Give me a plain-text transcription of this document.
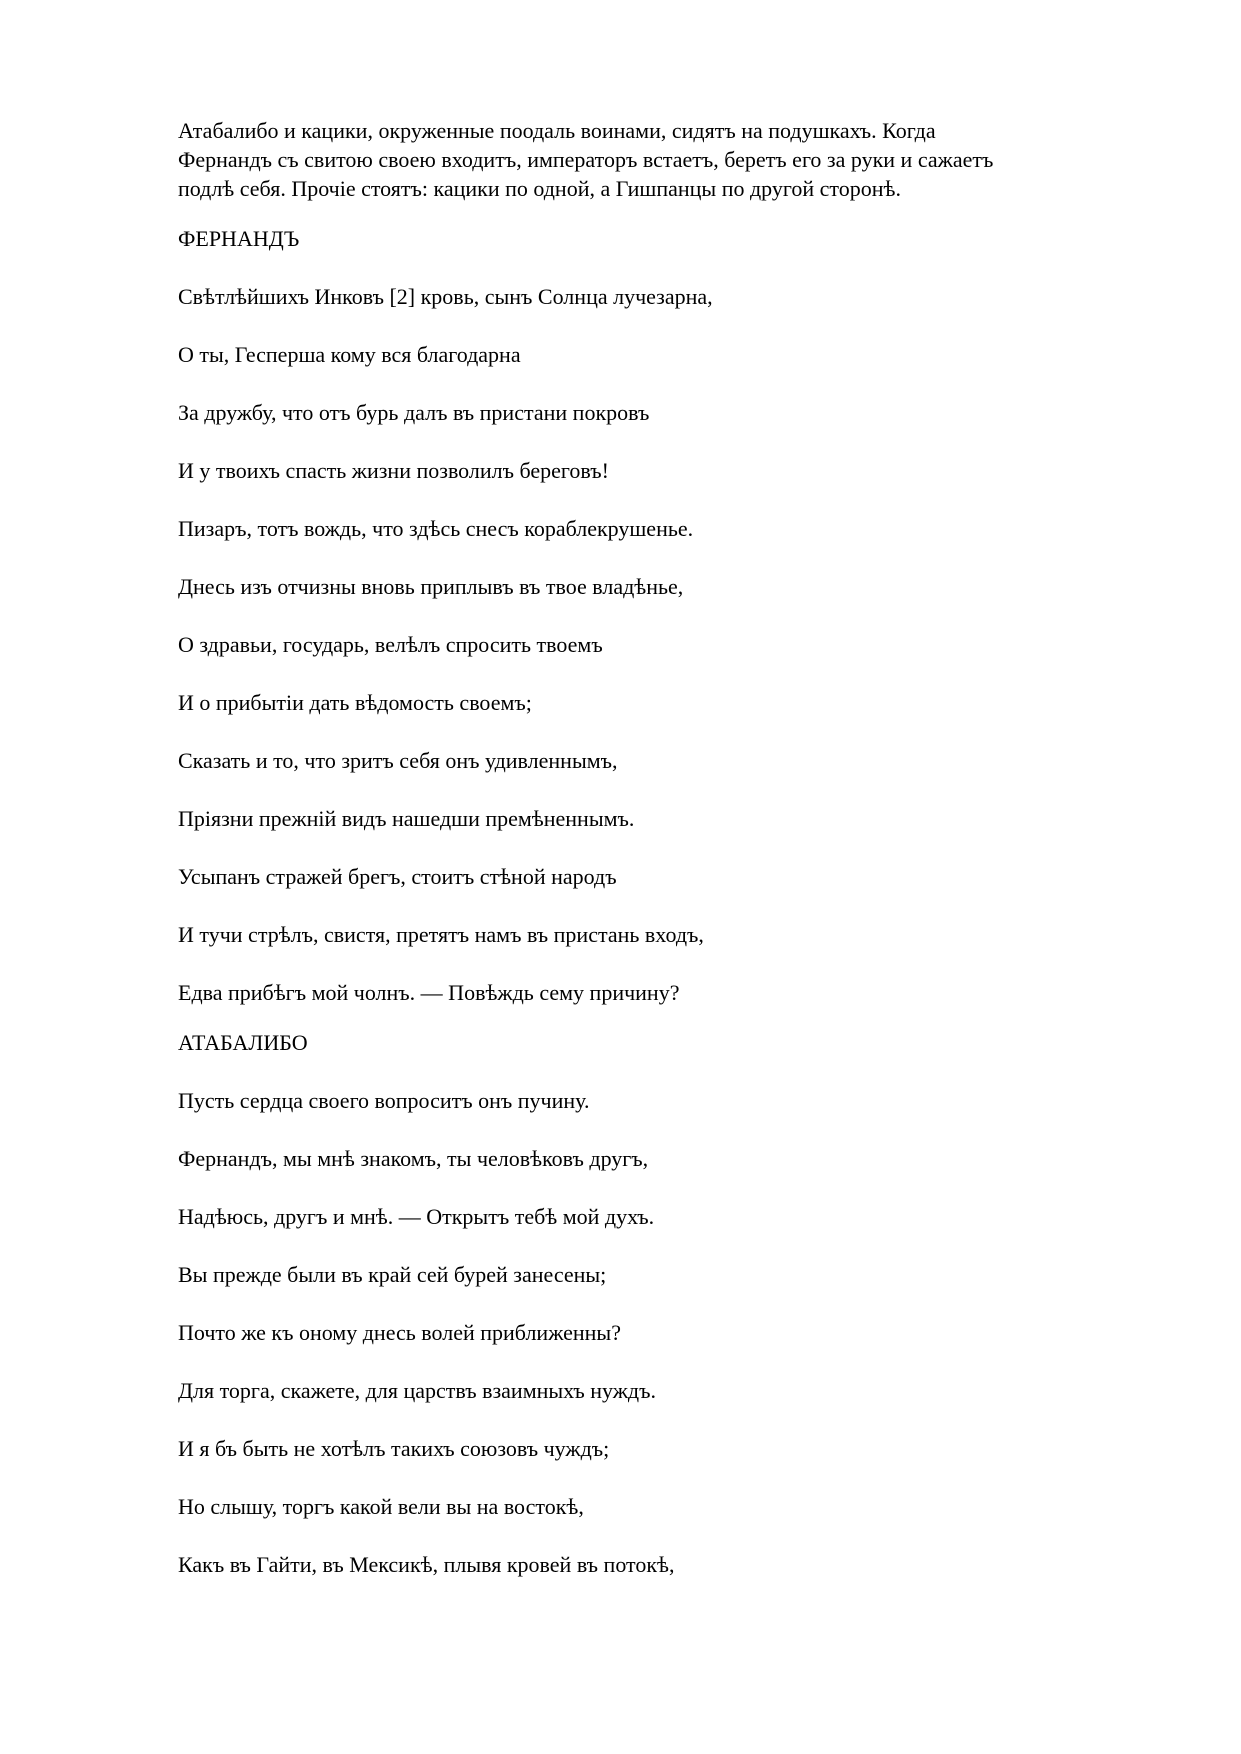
Атабалибо и кацики, окруженные поодаль воинами, сидятъ на подушкахъ. Когда

Фернандъ съ свитою своею входитъ, императоръ встаетъ, беретъ его за руки и сажаетъ

подлѣ себя. Прочіе стоятъ: кацики по одной, а Гишпанцы по другой сторонѣ.

ФЕРНАНДЪ

Свѣтлѣйшихъ Инковъ [2] кровь, сынъ Солнца лучезарна,

О ты, Гесперша кому вся благодарна

За дружбу, что отъ бурь далъ въ пристани покровъ

И у твоихъ спасть жизни позволилъ береговъ!

Пизаръ, тотъ вождь, что здѣсь снесъ кораблекрушенье.

Днесь изъ отчизны вновь приплывъ въ твое владѣнье,

О здравьи, государь, велѣлъ спросить твоемъ

И о прибытіи дать вѣдомость своемъ;

Сказать и то, что зритъ себя онъ удивленнымъ,

Пріязни прежній видъ нашедши премѣненнымъ.

Усыпанъ стражей брегъ, стоитъ стѣной народъ

И тучи стрѣлъ, свистя, претятъ намъ въ пристань входъ,

Едва прибѣгъ мой чолнъ. — Повѣждь сему причину?

АТАБАЛИБО

Пусть сердца своего вопроситъ онъ пучину.

Фернандъ, мы мнѣ знакомъ, ты человѣковъ другъ,

Надѣюсь, другъ и мнѣ. — Открытъ тебѣ мой духъ.

Вы прежде были въ край сей бурей занесены;

Почто же къ оному днесь волей приближенны?

Для торга, скажете, для царствъ взаимныхъ нуждъ.

И я бъ быть не хотѣлъ такихъ союзовъ чуждъ;

Но слышу, торгъ какой вели вы на востокѣ,

Какъ въ Гайти, въ Мексикѣ, плывя кровей въ потокѣ,
